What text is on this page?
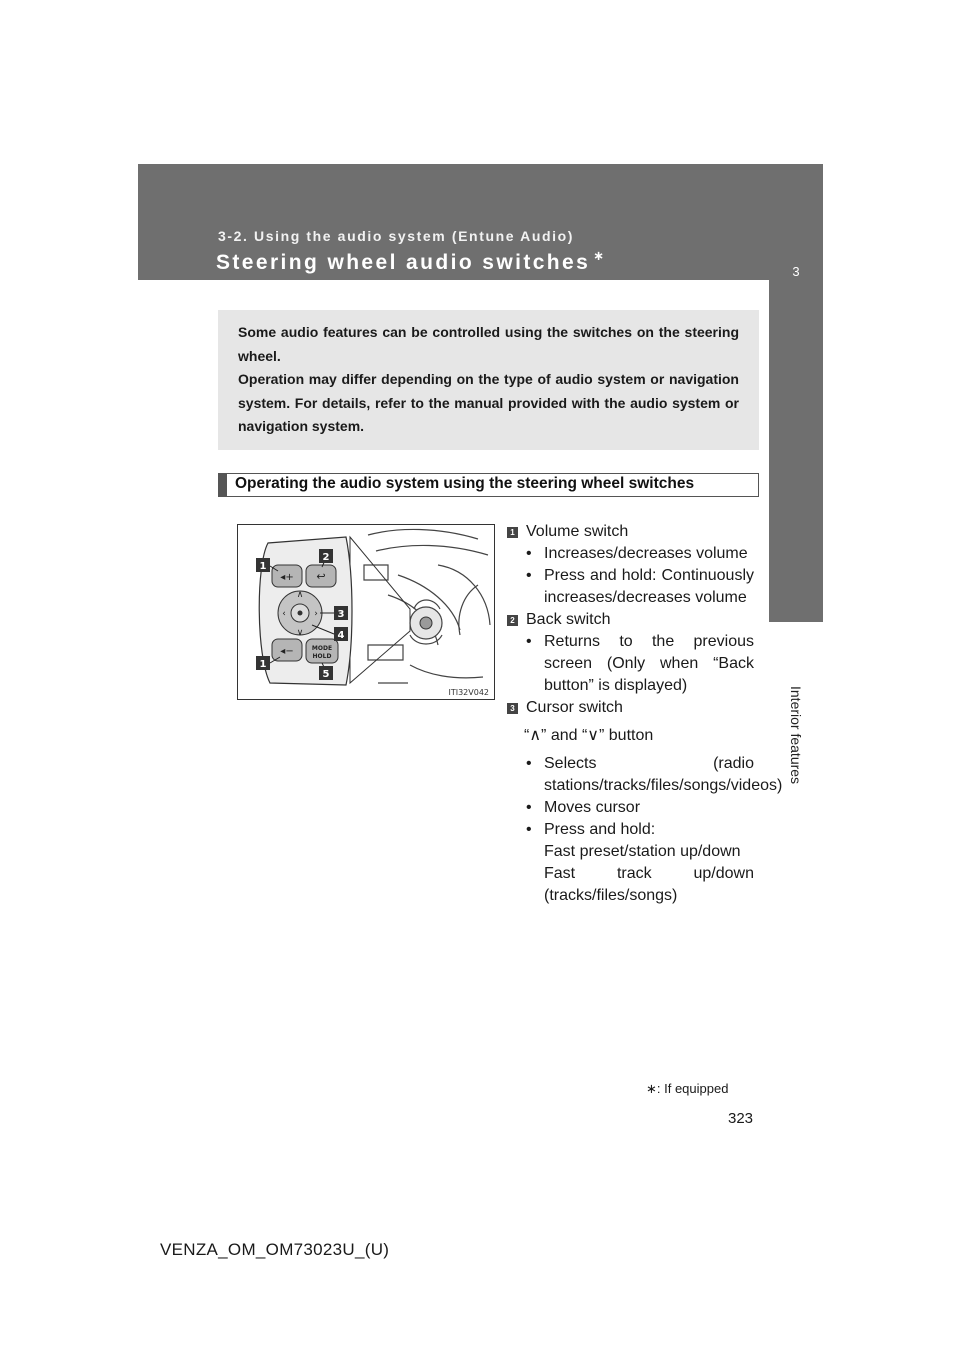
3-2. Using the audio system (Entune Audio)
Steering wheel audio switches ∗
3
Interior features

Some audio features can be controlled using the switches on the steering wheel.

Operation may differ depending on the type of audio system or navigation system. For details, refer to the manual provided with the audio system or navigation system.

Operating the audio system using the steering wheel switches
◂+ ↩
∧
∨
‹	›
◂−	MODE
HOLD
1
2
3
4
1
5
ITI32V042
1 Volume switch
• Increases/decreases volume
• Press and hold: Continuously increases/decreases volume
2 Back switch
• Returns to the previous screen (Only when “Back button” is displayed)
3 Cursor switch
“∧” and “∨” button
• Selects (radio stations/tracks/files/songs/videos)
• Moves cursor
• Press and hold:
Fast preset/station up/down
Fast track up/down (tracks/files/songs)
∗: If equipped
323
VENZA_OM_OM73023U_(U)
